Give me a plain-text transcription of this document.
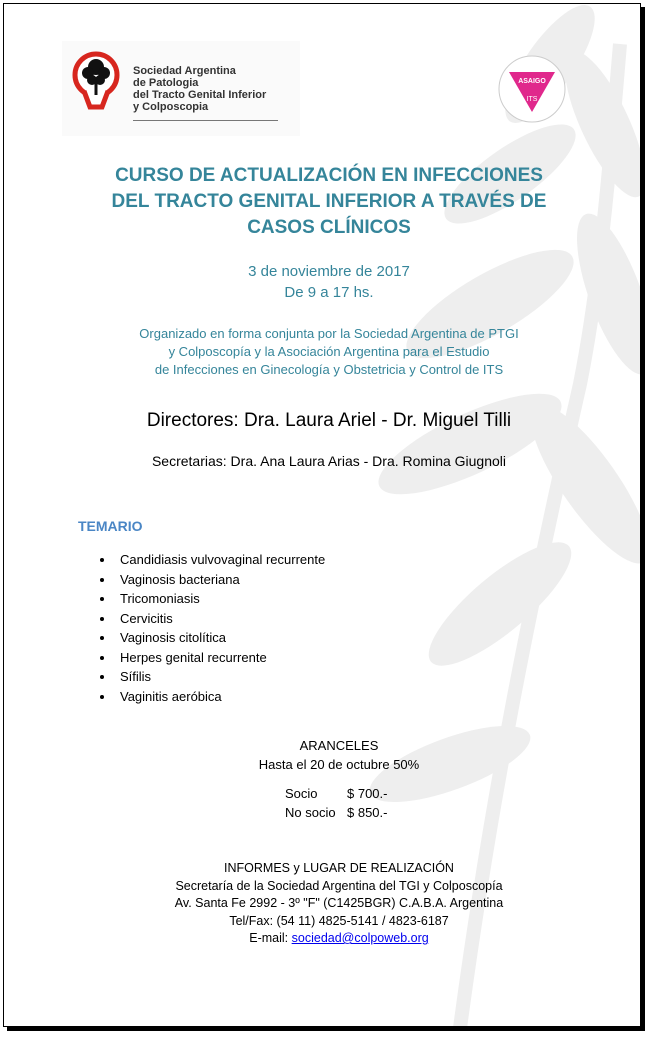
Sociedad Argentina
de Patologia
del Tracto Genital Inferior
y Colposcopia
ASAIGO
ITS
CURSO DE ACTUALIZACIÓN EN INFECCIONES
DEL TRACTO GENITAL INFERIOR A TRAVÉS DE
CASOS CLÍNICOS
3 de noviembre de 2017
De 9 a 17 hs.
Organizado en forma conjunta por la Sociedad Argentina de PTGI
y Colposcopía y la Asociación Argentina para el Estudio
de Infecciones en Ginecología y Obstetricia y Control de ITS
Directores: Dra. Laura Ariel - Dr. Miguel Tilli
Secretarias: Dra. Ana Laura Arias - Dra. Romina Giugnoli
TEMARIO
Candidiasis vulvovaginal recurrente
Vaginosis bacteriana
Tricomoniasis
Cervicitis
Vaginosis citolítica
Herpes genital recurrente
Sífilis
Vaginitis aeróbica
ARANCELES
Hasta el 20 de octubre 50%
Socio $ 700.-
No socio $ 850.-
INFORMES y LUGAR DE REALIZACIÓN
Secretaría de la Sociedad Argentina del TGI y Colposcopía
Av. Santa Fe 2992 - 3º "F" (C1425BGR) C.A.B.A. Argentina
Tel/Fax: (54 11) 4825-5141 / 4823-6187
E-mail: sociedad@colpoweb.org
